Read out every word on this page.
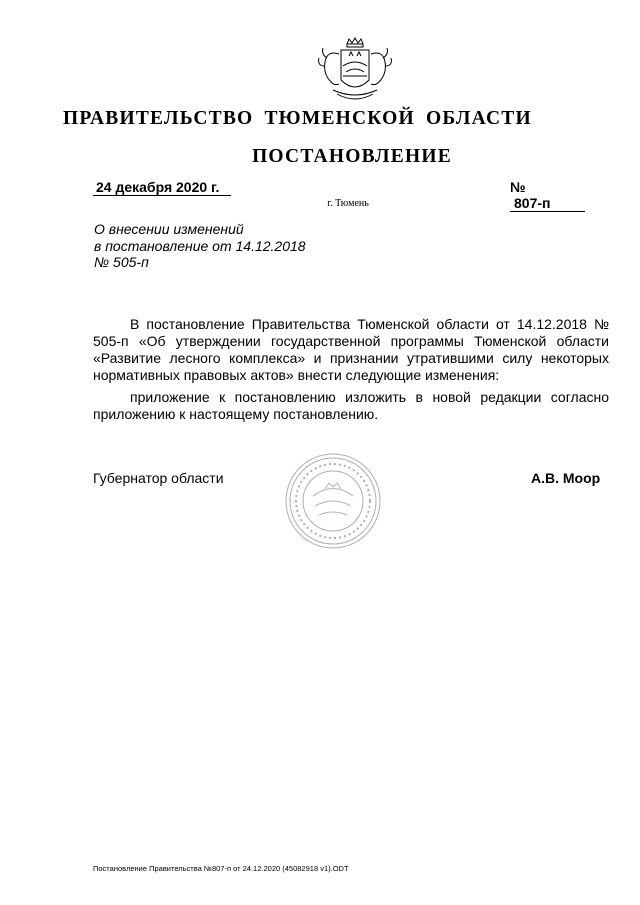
ПРАВИТЕЛЬСТВО ТЮМЕНСКОЙ ОБЛАСТИ
ПОСТАНОВЛЕНИЕ
24 декабря 2020 г.	№ 807-п
г. Тюмень
О внесении изменений
в постановление от 14.12.2018
№ 505-п

В постановление Правительства Тюменской области от 14.12.2018 № 505-п «Об утверждении государственной программы Тюменской области «Развитие лесного комплекса» и признании утратившими силу некоторых нормативных правовых актов» внести следующие изменения:

приложение к постановлению изложить в новой редакции согласно приложению к настоящему постановлению.

Губернатор области	А.В. Моор
Постановление Правительства №807-п от 24.12.2020 (45082918 v1).ODT
